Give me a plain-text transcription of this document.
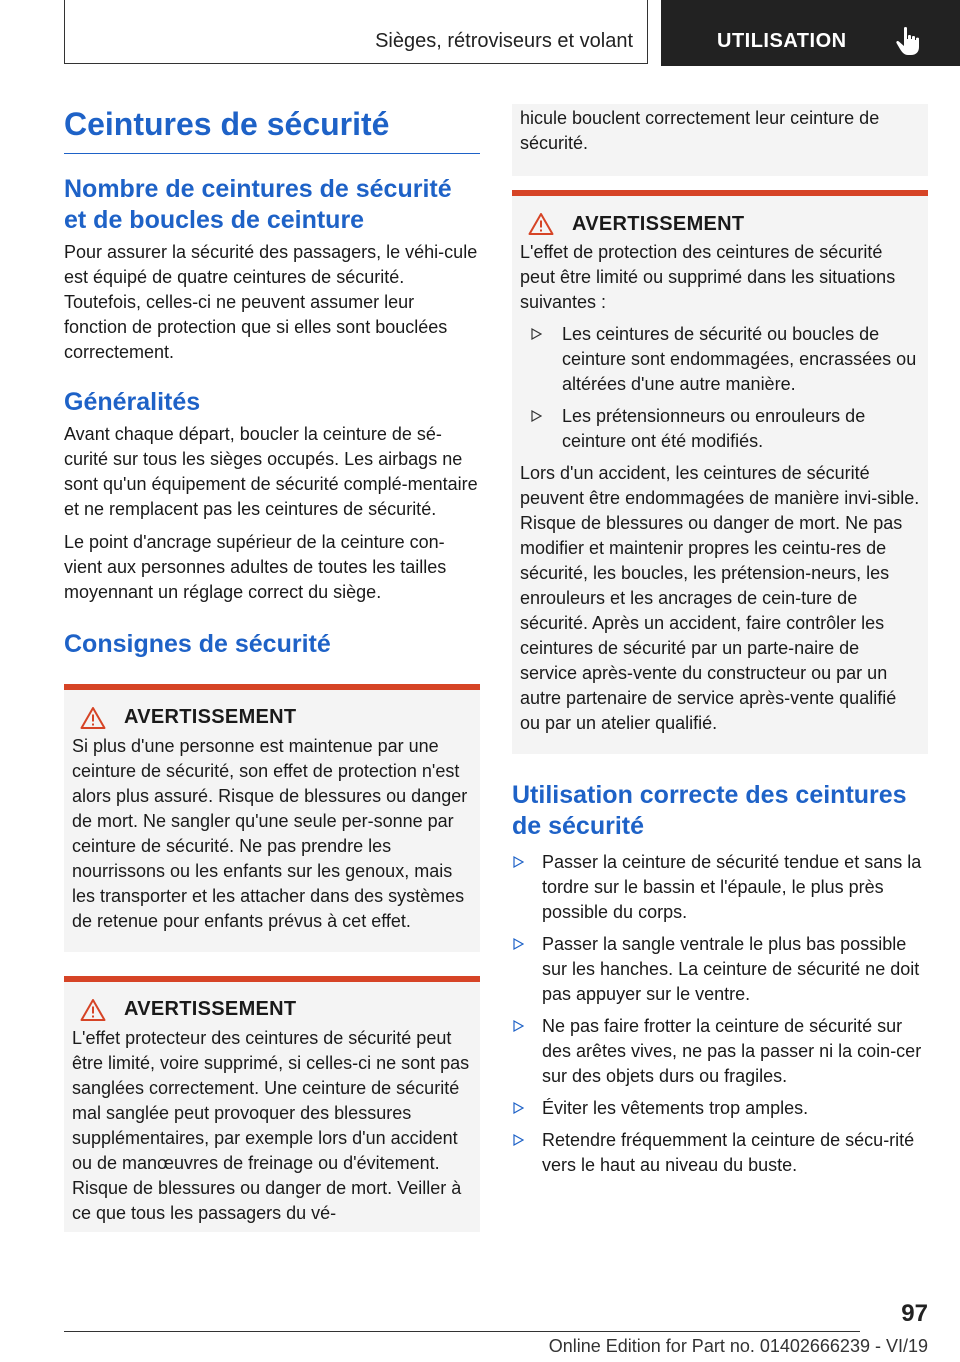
Sièges, rétroviseurs et volant	UTILISATION
Ceintures de sécurité
Nombre de ceintures de sécurité et de boucles de ceinture

Pour assurer la sécurité des passagers, le véhi-cule est équipé de quatre ceintures de sécurité. Toutefois, celles-ci ne peuvent assumer leur fonction de protection que si elles sont bouclées correctement.

Généralités

Avant chaque départ, boucler la ceinture de sé-curité sur tous les sièges occupés. Les airbags ne sont qu'un équipement de sécurité complé-mentaire et ne remplacent pas les ceintures de sécurité.

Le point d'ancrage supérieur de la ceinture con-vient aux personnes adultes de toutes les tailles moyennant un réglage correct du siège.

Consignes de sécurité
AVERTISSEMENT

Si plus d'une personne est maintenue par une ceinture de sécurité, son effet de protection n'est alors plus assuré. Risque de blessures ou danger de mort. Ne sangler qu'une seule per-sonne par ceinture de sécurité. Ne pas prendre les nourrissons ou les enfants sur les genoux, mais les transporter et les attacher dans des systèmes de retenue pour enfants prévus à cet effet.

AVERTISSEMENT

L'effet protecteur des ceintures de sécurité peut être limité, voire supprimé, si celles-ci ne sont pas sanglées correctement. Une ceinture de sécurité mal sanglée peut provoquer des blessures supplémentaires, par exemple lors d'un accident ou de manœuvres de freinage ou d'évitement. Risque de blessures ou danger de mort. Veiller à ce que tous les passagers du vé-

hicule bouclent correctement leur ceinture de sécurité.

AVERTISSEMENT

L'effet de protection des ceintures de sécurité peut être limité ou supprimé dans les situations suivantes :

Les ceintures de sécurité ou boucles de ceinture sont endommagées, encrassées ou altérées d'une autre manière.
Les prétensionneurs ou enrouleurs de ceinture ont été modifiés.

Lors d'un accident, les ceintures de sécurité peuvent être endommagées de manière invi-sible. Risque de blessures ou danger de mort. Ne pas modifier et maintenir propres les ceintu-res de sécurité, les boucles, les prétension-neurs, les enrouleurs et les ancrages de cein-ture de sécurité. Après un accident, faire contrôler les ceintures de sécurité par un parte-naire de service après-vente du constructeur ou par un autre partenaire de service après-vente qualifié ou par un atelier qualifié.

Utilisation correcte des ceintures de sécurité
Passer la ceinture de sécurité tendue et sans la tordre sur le bassin et l'épaule, le plus près possible du corps.
Passer la sangle ventrale le plus bas possible sur les hanches. La ceinture de sécurité ne doit pas appuyer sur le ventre.
Ne pas faire frotter la ceinture de sécurité sur des arêtes vives, ne pas la passer ni la coin-cer sur des objets durs ou fragiles.
Éviter les vêtements trop amples.
Retendre fréquemment la ceinture de sécu-rité vers le haut au niveau du buste.
97
Online Edition for Part no. 01402666239 - VI/19
